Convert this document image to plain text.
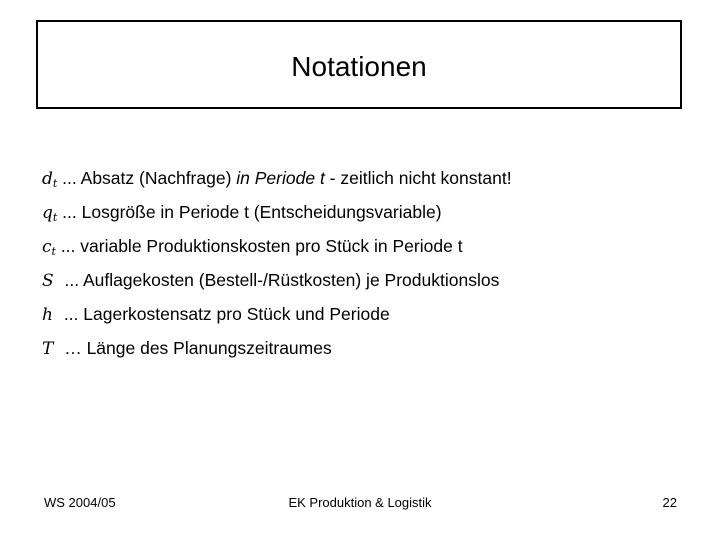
Notationen
$d_t$ ... Absatz (Nachfrage) in Periode t - zeitlich nicht konstant!
$q_t$ ... Losgröße in Periode t (Entscheidungsvariable)
$c_t$ ... variable Produktionskosten pro Stück in Periode t
S ... Auflagekosten (Bestell-/Rüstkosten) je Produktionslos
h ... Lagerkostensatz pro Stück und Periode
T … Länge des Planungszeitraumes
WS 2004/05	EK Produktion & Logistik	22
